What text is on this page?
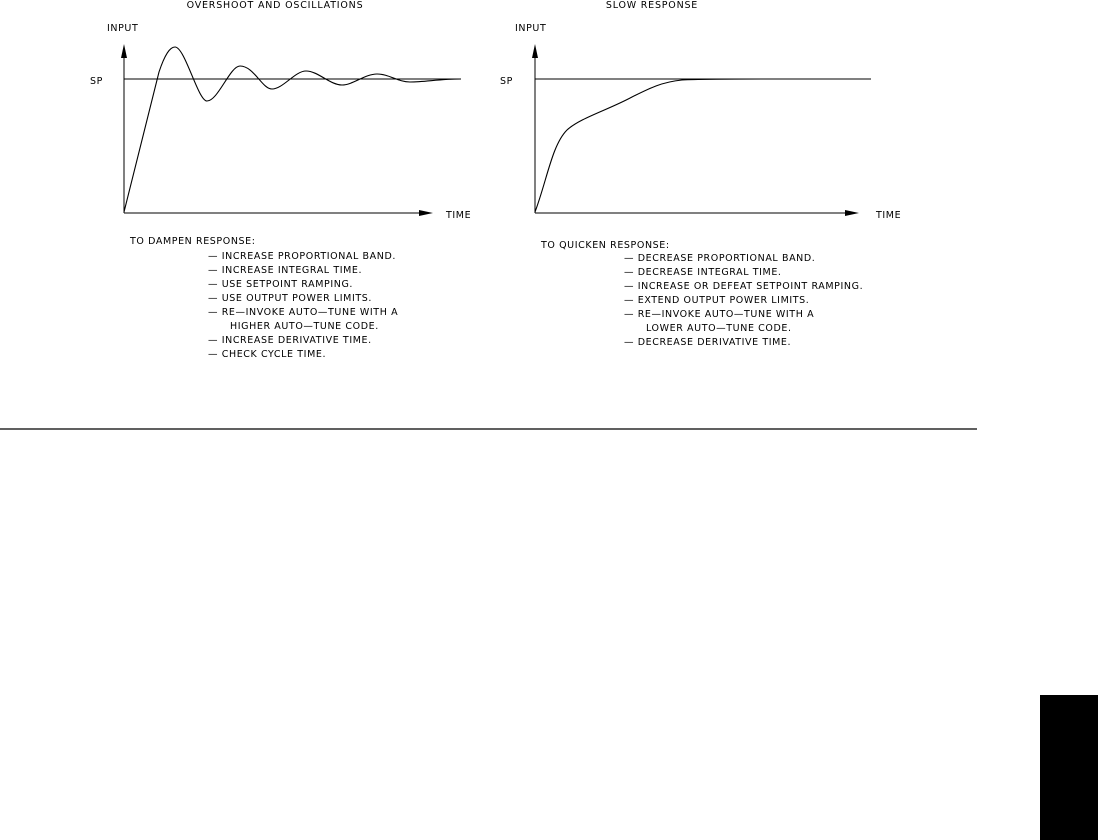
OVERSHOOT AND OSCILLATIONS
INPUT
SP
TIME
TO DAMPEN RESPONSE:
— INCREASE PROPORTIONAL BAND.
— INCREASE INTEGRAL TIME.
— USE SETPOINT RAMPING.
— USE OUTPUT POWER LIMITS.
— RE—INVOKE AUTO—TUNE WITH A
HIGHER AUTO—TUNE CODE.
— INCREASE DERIVATIVE TIME.
— CHECK CYCLE TIME.
SLOW RESPONSE
INPUT
SP
TIME
TO QUICKEN RESPONSE:
— DECREASE PROPORTIONAL BAND.
— DECREASE INTEGRAL TIME.
— INCREASE OR DEFEAT SETPOINT RAMPING.
— EXTEND OUTPUT POWER LIMITS.
— RE—INVOKE AUTO—TUNE WITH A
LOWER AUTO—TUNE CODE.
— DECREASE DERIVATIVE TIME.
